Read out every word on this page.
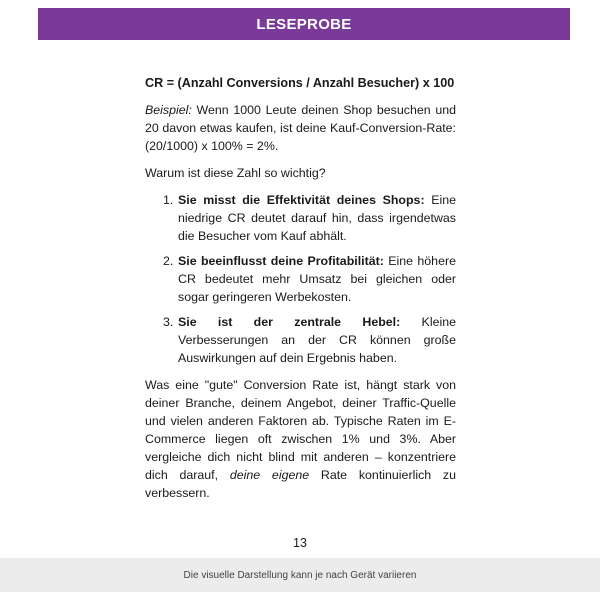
LESEPROBE

CR = (Anzahl Conversions / Anzahl Besucher) x 100

Beispiel: Wenn 1000 Leute deinen Shop besuchen und 20 davon etwas kaufen, ist deine Kauf-Conversion-Rate: (20/1000) x 100% = 2%.

Warum ist diese Zahl so wichtig?

1. Sie misst die Effektivität deines Shops: Eine niedrige CR deutet darauf hin, dass irgendetwas die Besucher vom Kauf abhält.
2. Sie beeinflusst deine Profitabilität: Eine höhere CR bedeutet mehr Umsatz bei gleichen oder sogar geringeren Werbekosten.
3. Sie ist der zentrale Hebel: Kleine Verbesserungen an der CR können große Auswirkungen auf dein Ergebnis haben.

Was eine "gute" Conversion Rate ist, hängt stark von deiner Branche, deinem Angebot, deiner Traffic-Quelle und vielen anderen Faktoren ab. Typische Raten im E-Commerce liegen oft zwischen 1% und 3%. Aber vergleiche dich nicht blind mit anderen – konzentriere dich darauf, deine eigene Rate kontinuierlich zu verbessern.

13
Die visuelle Darstellung kann je nach Gerät variieren
